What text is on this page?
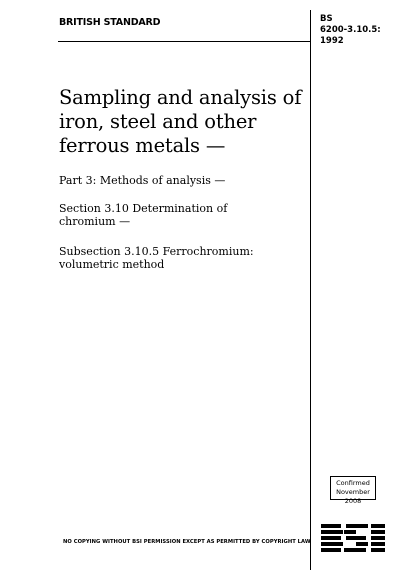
BRITISH STANDARD	BS
6200-3.10.5:
1992
Sampling and analysis of iron, steel and other ferrous metals —
Part 3: Methods of analysis —
Section 3.10 Determination of chromium —
Subsection 3.10.5 Ferrochromium: volumetric method
Confirmed
November 2008
NO COPYING WITHOUT BSI PERMISSION EXCEPT AS PERMITTED BY COPYRIGHT LAW
